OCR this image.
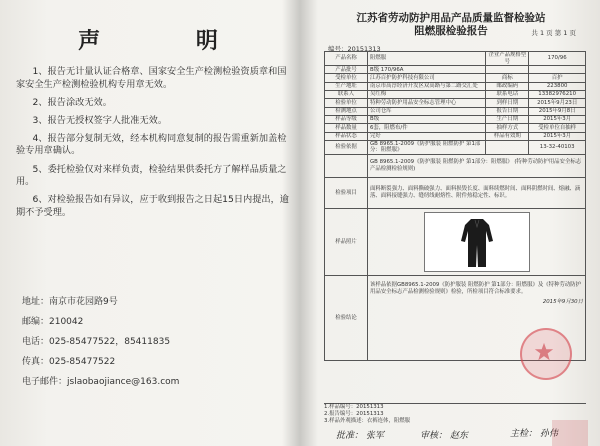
声 明

1、报告无计量认证合格章、国家安全生产检测检验资质章和国家安全生产检测检验机构专用章无效。

2、报告涂改无效。

3、报告无授权签字人批准无效。

4、报告部分复制无效，经本机构同意复制的报告需重新加盖检验专用章确认。

5、委托检验仅对来样负责，检验结果供委托方了解样品质量之用。

6、对检验报告如有异议，应于收到报告之日起15日内提出，逾期不予受理。

地址：南京市花园路9号
邮编：210042
电话：025-85477522，85411835
传真：025-85477522
电子邮件：jslaobaojiance@163.com
江苏省劳动防护用品产品质量监督检验站
阻燃服检验报告	共 1 页 第 1 页
编号：20151313
产品名称	阻燃服	企业产品规格型号	170/96
产品批号	B级 170/96A		
受检单位	江苏百护防护科技有限公司	商标	百护
生产地址	南京市高淳经济开发区双高路与第二路交汇处	邮政编码	223800
联系人	吴红梅	联系电话	13382976210
检验单位	特种劳动防护用品安全标志管理中心	到样日期	2015年9月23日
检测地点	公司仓库	报告日期	2015年9月8日
样品等级	B级	生产日期	2015年3月
样品数量	6套，阻燃布/件	抽样方式	受检单位自抽样
样品状态	完好	样品有效期	2015年3月
检验依据	GB 8965.1-2009《防护服装 阻燃防护 第1部分：阻燃服》		13-32-40103
	GB 8965.1-2009《防护服装 阻燃防护 第1部分：阻燃服》 (特种劳动防护用品安全标志产品检测检验规则)		
检验项目	面料断裂强力、面料撕破强力、面料损毁长度、面料续燃时间、面料阴燃时间、熔融、滴落、面料接缝强力、缝纫线耐熔性、附件热稳定性、标识。		
样品照片	

检验结论	该样品依据GB8965.1-2009《防护服装 阻燃防护 第1部分：阻燃服》及《特种劳动防护用品安全标志产品检测检验规则》检验，所检项目符合标准要求。
2015年9月30日		
1.样品编号：20151313
2.报告编号：20151313
3.样品外观描述：衣裤连体，阻燃服
批准： 张军	审核： 赵东	主检： 孙伟
